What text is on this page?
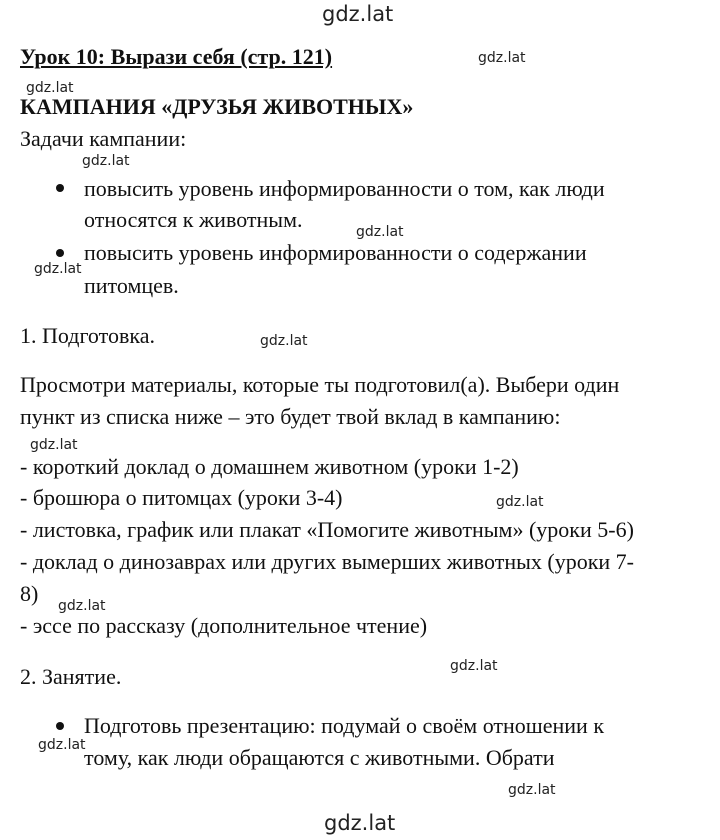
gdz.lat
gdz.lat
gdz.lat
gdz.lat
gdz.lat
gdz.lat
gdz.lat
gdz.lat
gdz.lat
gdz.lat
gdz.lat
gdz.lat
gdz.lat
gdz.lat
Урок 10: Вырази себя (стр. 121)
КАМПАНИЯ «ДРУЗЬЯ ЖИВОТНЫХ»
Задачи кампании:
повысить уровень информированности о том, как люди
относятся к животным.
повысить уровень информированности о содержании
питомцев.
1. Подготовка.
Просмотри материалы, которые ты подготовил(а). Выбери один
пункт из списка ниже – это будет твой вклад в кампанию:
- короткий доклад о домашнем животном (уроки 1-2)
- брошюра о питомцах (уроки 3-4)
- листовка, график или плакат «Помогите животным» (уроки 5-6)
- доклад о динозаврах или других вымерших животных (уроки 7-
8)
- эссе по рассказу (дополнительное чтение)
2. Занятие.
Подготовь презентацию: подумай о своём отношении к
тому, как люди обращаются с животными. Обрати
